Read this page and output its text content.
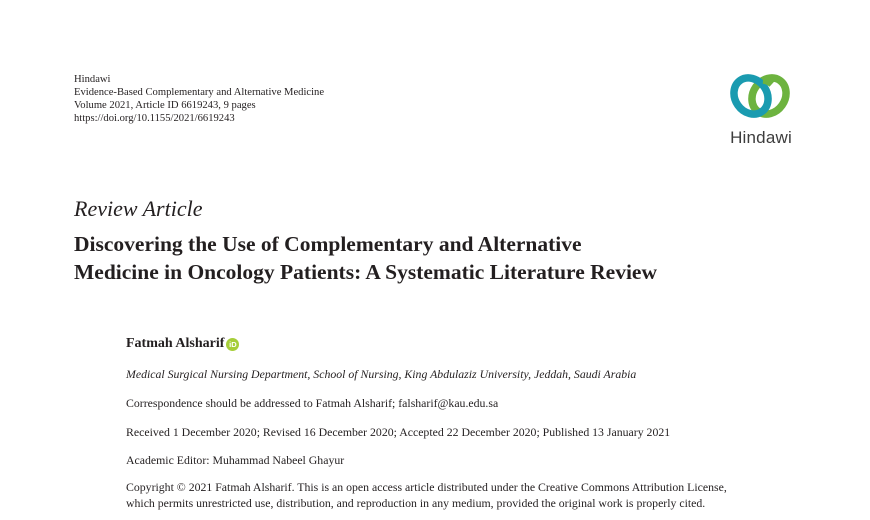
Hindawi
Evidence-Based Complementary and Alternative Medicine
Volume 2021, Article ID 6619243, 9 pages
https://doi.org/10.1155/2021/6619243
Hindawi
Review Article
Discovering the Use of Complementary and Alternative
Medicine in Oncology Patients: A Systematic Literature Review
Fatmah Alsharif iD
Medical Surgical Nursing Department, School of Nursing, King Abdulaziz University, Jeddah, Saudi Arabia
Correspondence should be addressed to Fatmah Alsharif; falsharif@kau.edu.sa
Received 1 December 2020; Revised 16 December 2020; Accepted 22 December 2020; Published 13 January 2021
Academic Editor: Muhammad Nabeel Ghayur
Copyright © 2021 Fatmah Alsharif. This is an open access article distributed under the Creative Commons Attribution License,
which permits unrestricted use, distribution, and reproduction in any medium, provided the original work is properly cited.
